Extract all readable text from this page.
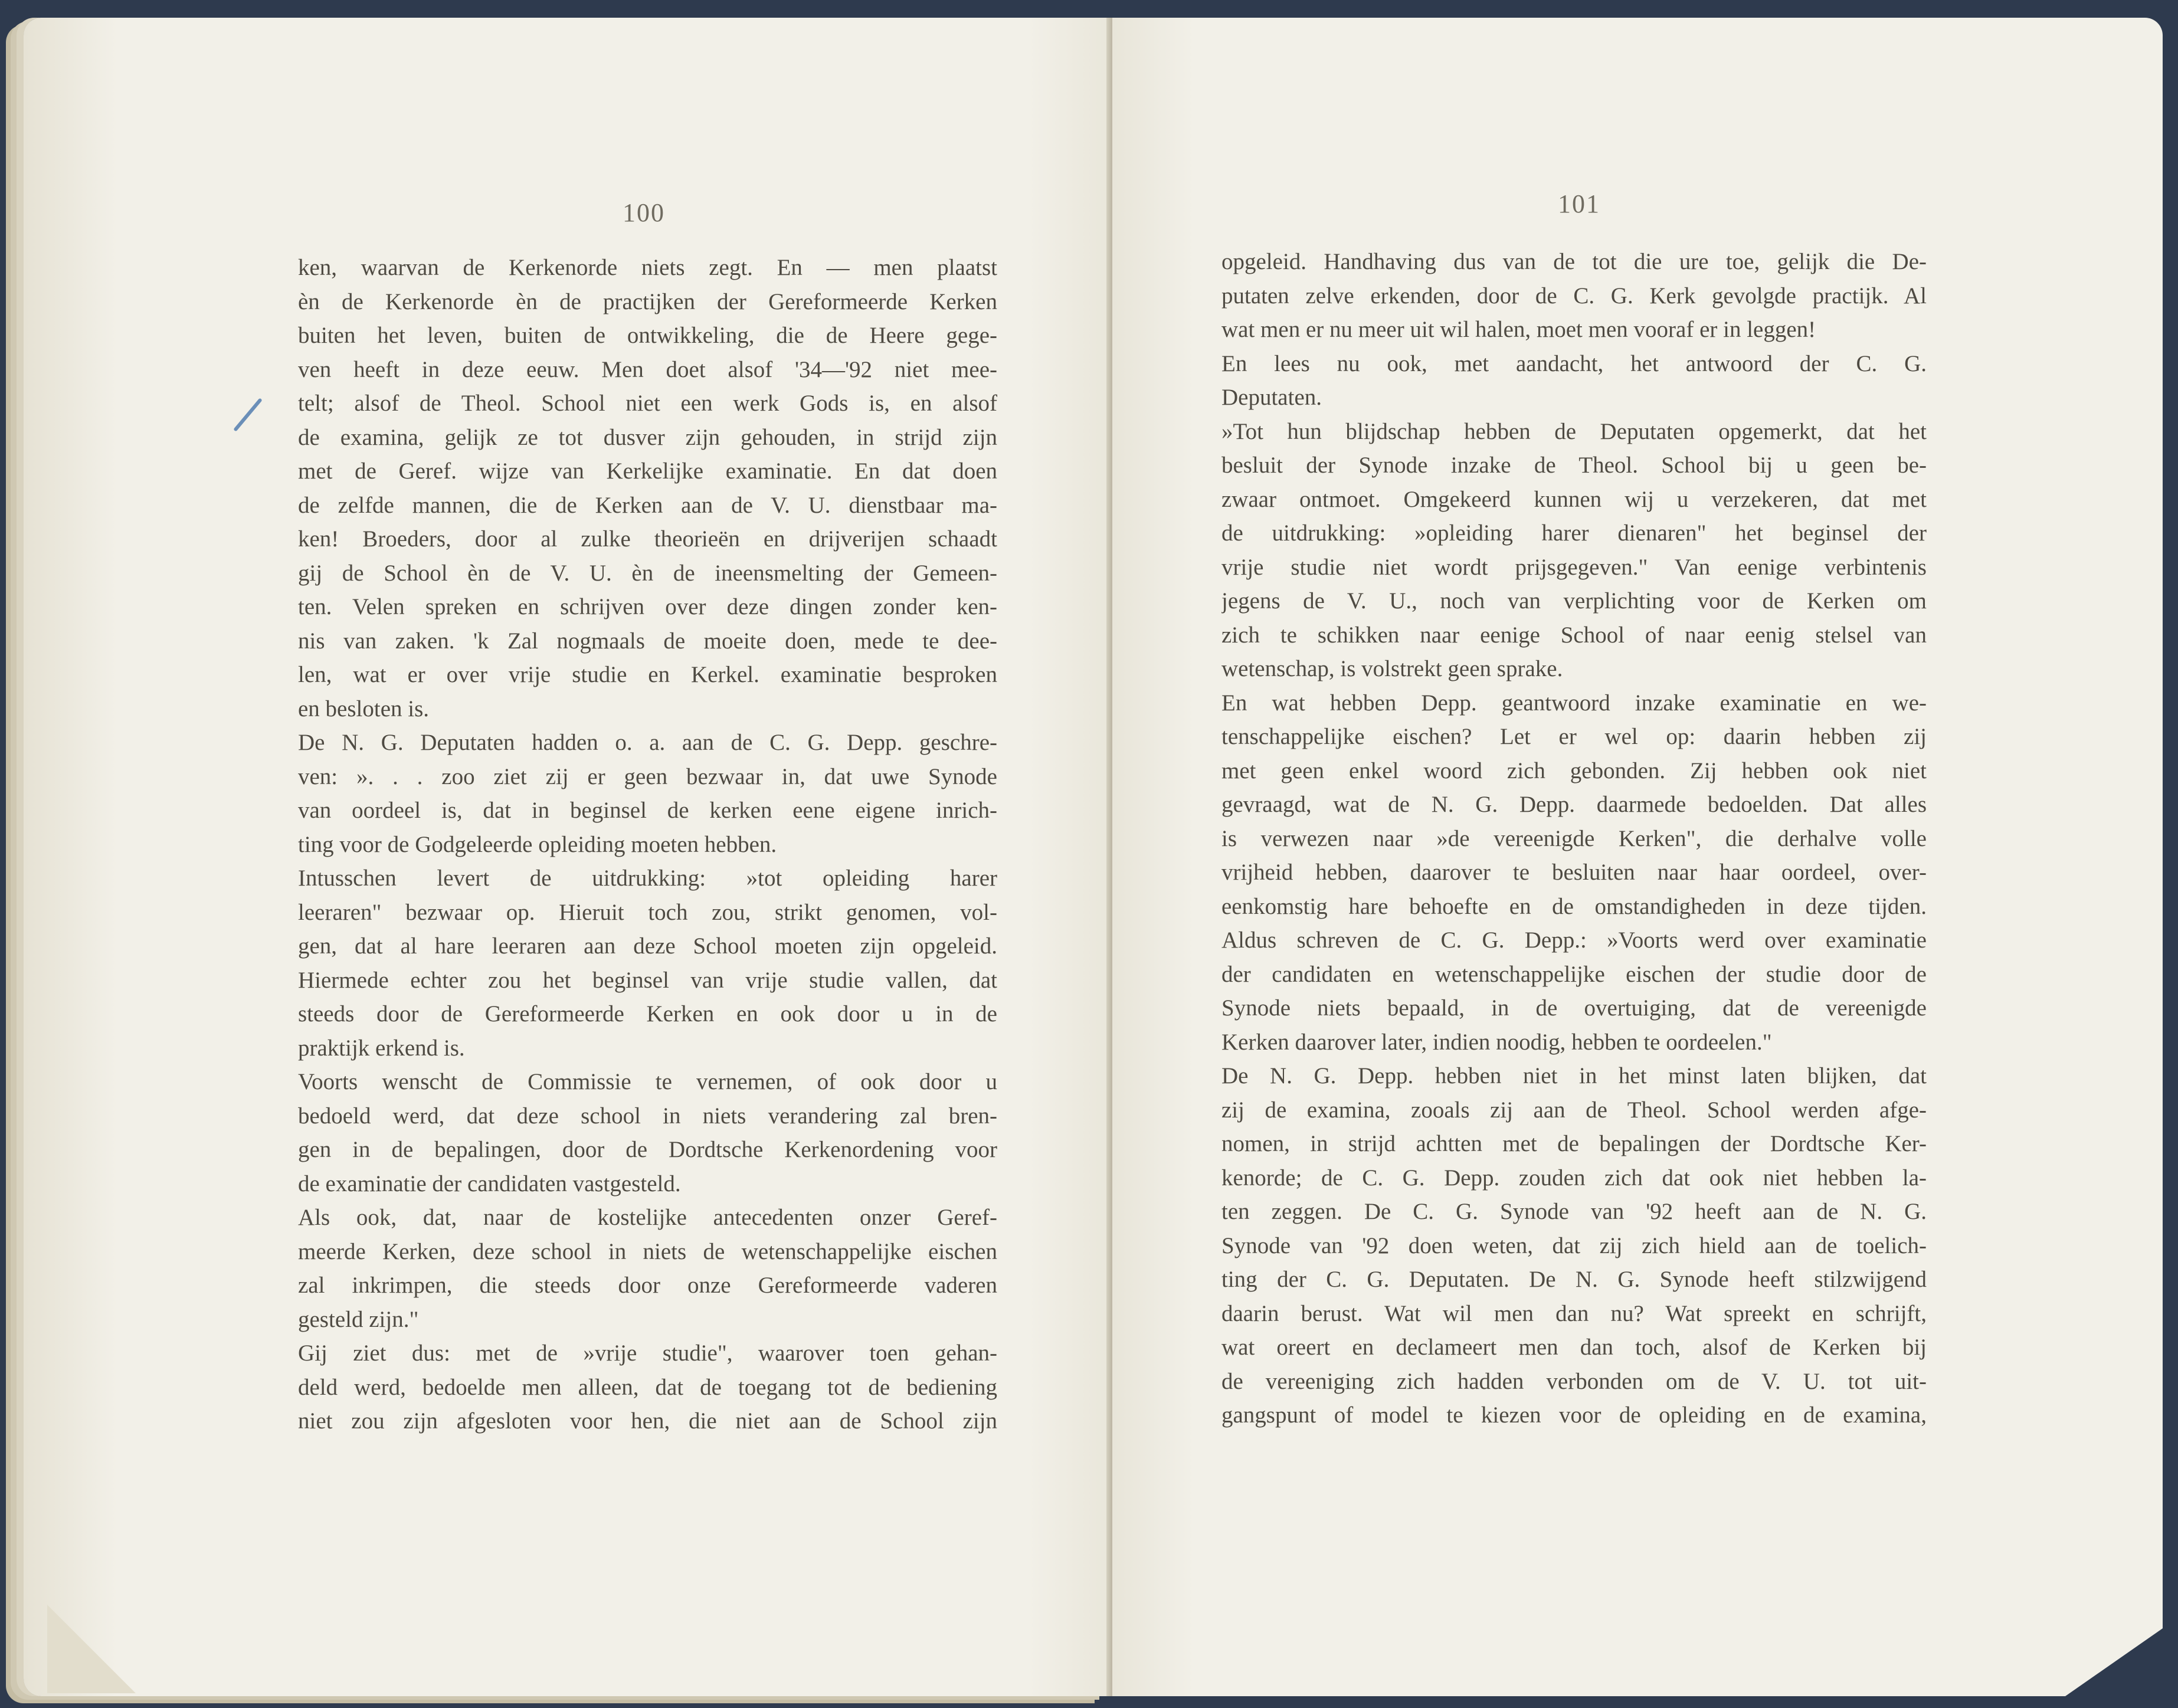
100	101
ken, waarvan de Kerkenorde niets zegt. En — men plaatst
èn de Kerkenorde èn de practijken der Gereformeerde Kerken
buiten het leven, buiten de ontwikkeling, die de Heere gege-
ven heeft in deze eeuw. Men doet alsof '34—'92 niet mee-
telt; alsof de Theol. School niet een werk Gods is, en alsof
de examina, gelijk ze tot dusver zijn gehouden, in strijd zijn
met de Geref. wijze van Kerkelijke examinatie. En dat doen
de zelfde mannen, die de Kerken aan de V. U. dienstbaar ma-
ken! Broeders, door al zulke theorieën en drijverijen schaadt
gij de School èn de V. U. èn de ineensmelting der Gemeen-
ten. Velen spreken en schrijven over deze dingen zonder ken-
nis van zaken. 'k Zal nogmaals de moeite doen, mede te dee-
len, wat er over vrije studie en Kerkel. examinatie besproken
en besloten is.
De N. G. Deputaten hadden o. a. aan de C. G. Depp. geschre-
ven: ». . . zoo ziet zij er geen bezwaar in, dat uwe Synode
van oordeel is, dat in beginsel de kerken eene eigene inrich-
ting voor de Godgeleerde opleiding moeten hebben.
Intusschen levert de uitdrukking: »tot opleiding harer
leeraren" bezwaar op. Hieruit toch zou, strikt genomen, vol-
gen, dat al hare leeraren aan deze School moeten zijn opgeleid.
Hiermede echter zou het beginsel van vrije studie vallen, dat
steeds door de Gereformeerde Kerken en ook door u in de
praktijk erkend is.
Voorts wenscht de Commissie te vernemen, of ook door u
bedoeld werd, dat deze school in niets verandering zal bren-
gen in de bepalingen, door de Dordtsche Kerkenordening voor
de examinatie der candidaten vastgesteld.
Als ook, dat, naar de kostelijke antecedenten onzer Geref-
meerde Kerken, deze school in niets de wetenschappelijke eischen
zal inkrimpen, die steeds door onze Gereformeerde vaderen
gesteld zijn."
Gij ziet dus: met de »vrije studie", waarover toen gehan-
deld werd, bedoelde men alleen, dat de toegang tot de bediening
niet zou zijn afgesloten voor hen, die niet aan de School zijn
opgeleid. Handhaving dus van de tot die ure toe, gelijk die De-
putaten zelve erkenden, door de C. G. Kerk gevolgde practijk. Al
wat men er nu meer uit wil halen, moet men vooraf er in leggen!
En lees nu ook, met aandacht, het antwoord der C. G.
Deputaten.
»Tot hun blijdschap hebben de Deputaten opgemerkt, dat het
besluit der Synode inzake de Theol. School bij u geen be-
zwaar ontmoet. Omgekeerd kunnen wij u verzekeren, dat met
de uitdrukking: »opleiding harer dienaren" het beginsel der
vrije studie niet wordt prijsgegeven." Van eenige verbintenis
jegens de V. U., noch van verplichting voor de Kerken om
zich te schikken naar eenige School of naar eenig stelsel van
wetenschap, is volstrekt geen sprake.
En wat hebben Depp. geantwoord inzake examinatie en we-
tenschappelijke eischen? Let er wel op: daarin hebben zij
met geen enkel woord zich gebonden. Zij hebben ook niet
gevraagd, wat de N. G. Depp. daarmede bedoelden. Dat alles
is verwezen naar »de vereenigde Kerken", die derhalve volle
vrijheid hebben, daarover te besluiten naar haar oordeel, over-
eenkomstig hare behoefte en de omstandigheden in deze tijden.
Aldus schreven de C. G. Depp.: »Voorts werd over examinatie
der candidaten en wetenschappelijke eischen der studie door de
Synode niets bepaald, in de overtuiging, dat de vereenigde
Kerken daarover later, indien noodig, hebben te oordeelen."
De N. G. Depp. hebben niet in het minst laten blijken, dat
zij de examina, zooals zij aan de Theol. School werden afge-
nomen, in strijd achtten met de bepalingen der Dordtsche Ker-
kenorde; de C. G. Depp. zouden zich dat ook niet hebben la-
ten zeggen. De C. G. Synode van '92 heeft aan de N. G.
Synode van '92 doen weten, dat zij zich hield aan de toelich-
ting der C. G. Deputaten. De N. G. Synode heeft stilzwijgend
daarin berust. Wat wil men dan nu? Wat spreekt en schrijft,
wat oreert en declameert men dan toch, alsof de Kerken bij
de vereeniging zich hadden verbonden om de V. U. tot uit-
gangspunt of model te kiezen voor de opleiding en de examina,
